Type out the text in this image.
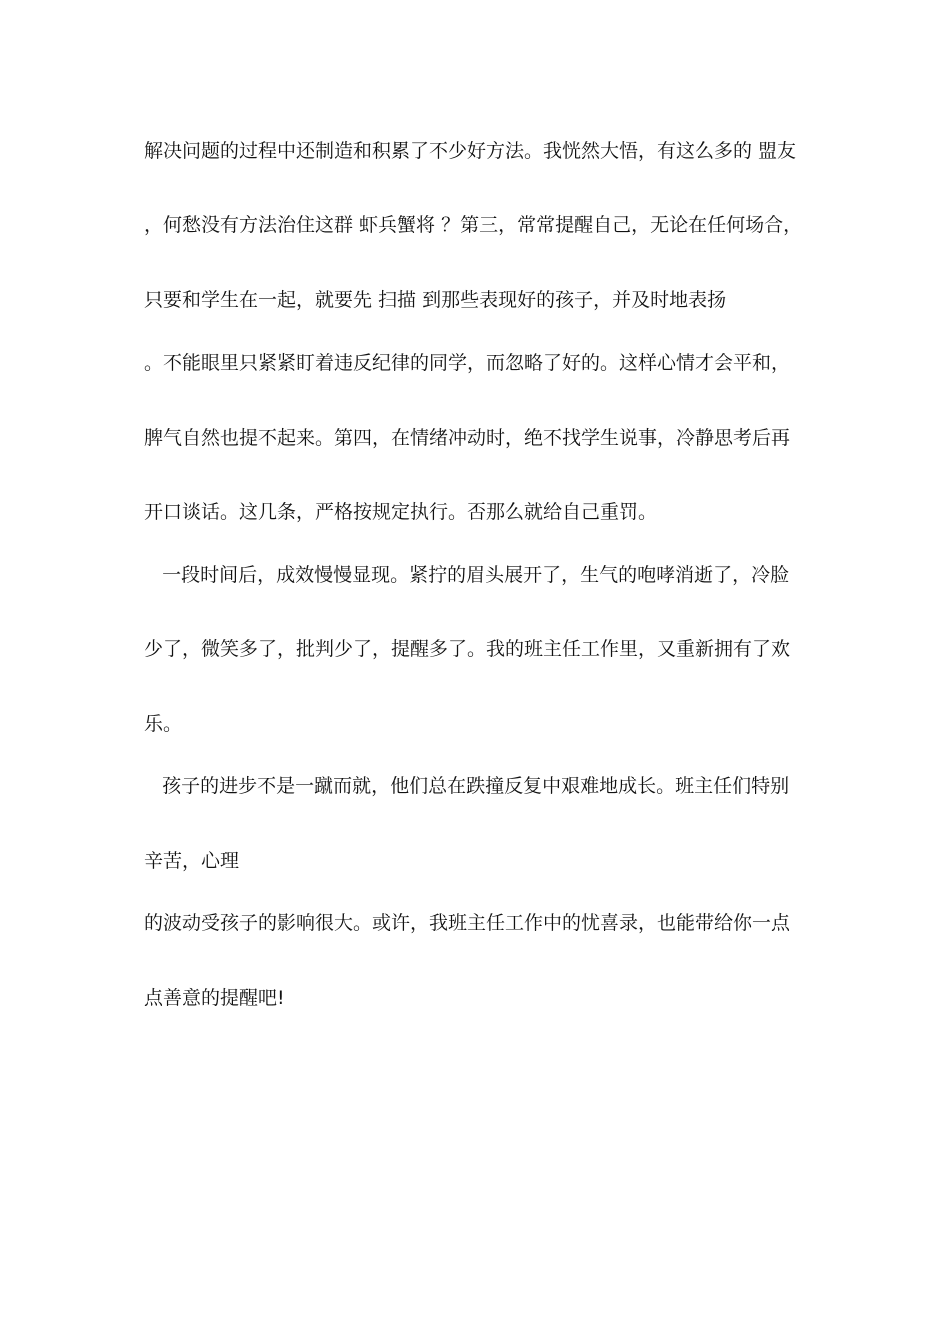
解决问题的过程中还制造和积累了不少好方法。我恍然大悟，有这么多的 盟友
，何愁没有方法治住这群 虾兵蟹将 ？第三，常常提醒自己，无论在任何场合，
只要和学生在一起，就要先 扫描 到那些表现好的孩子，并及时地表扬
。不能眼里只紧紧盯着违反纪律的同学，而忽略了好的。这样心情才会平和，
脾气自然也提不起来。第四，在情绪冲动时，绝不找学生说事，冷静思考后再
开口谈话。这几条，严格按规定执行。否那么就给自己重罚。
一段时间后，成效慢慢显现。紧拧的眉头展开了，生气的咆哮消逝了，冷脸
少了，微笑多了，批判少了，提醒多了。我的班主任工作里，又重新拥有了欢
乐。
孩子的进步不是一蹴而就，他们总在跌撞反复中艰难地成长。班主任们特别
辛苦，心理
的波动受孩子的影响很大。或许，我班主任工作中的忧喜录，也能带给你一点
点善意的提醒吧!
